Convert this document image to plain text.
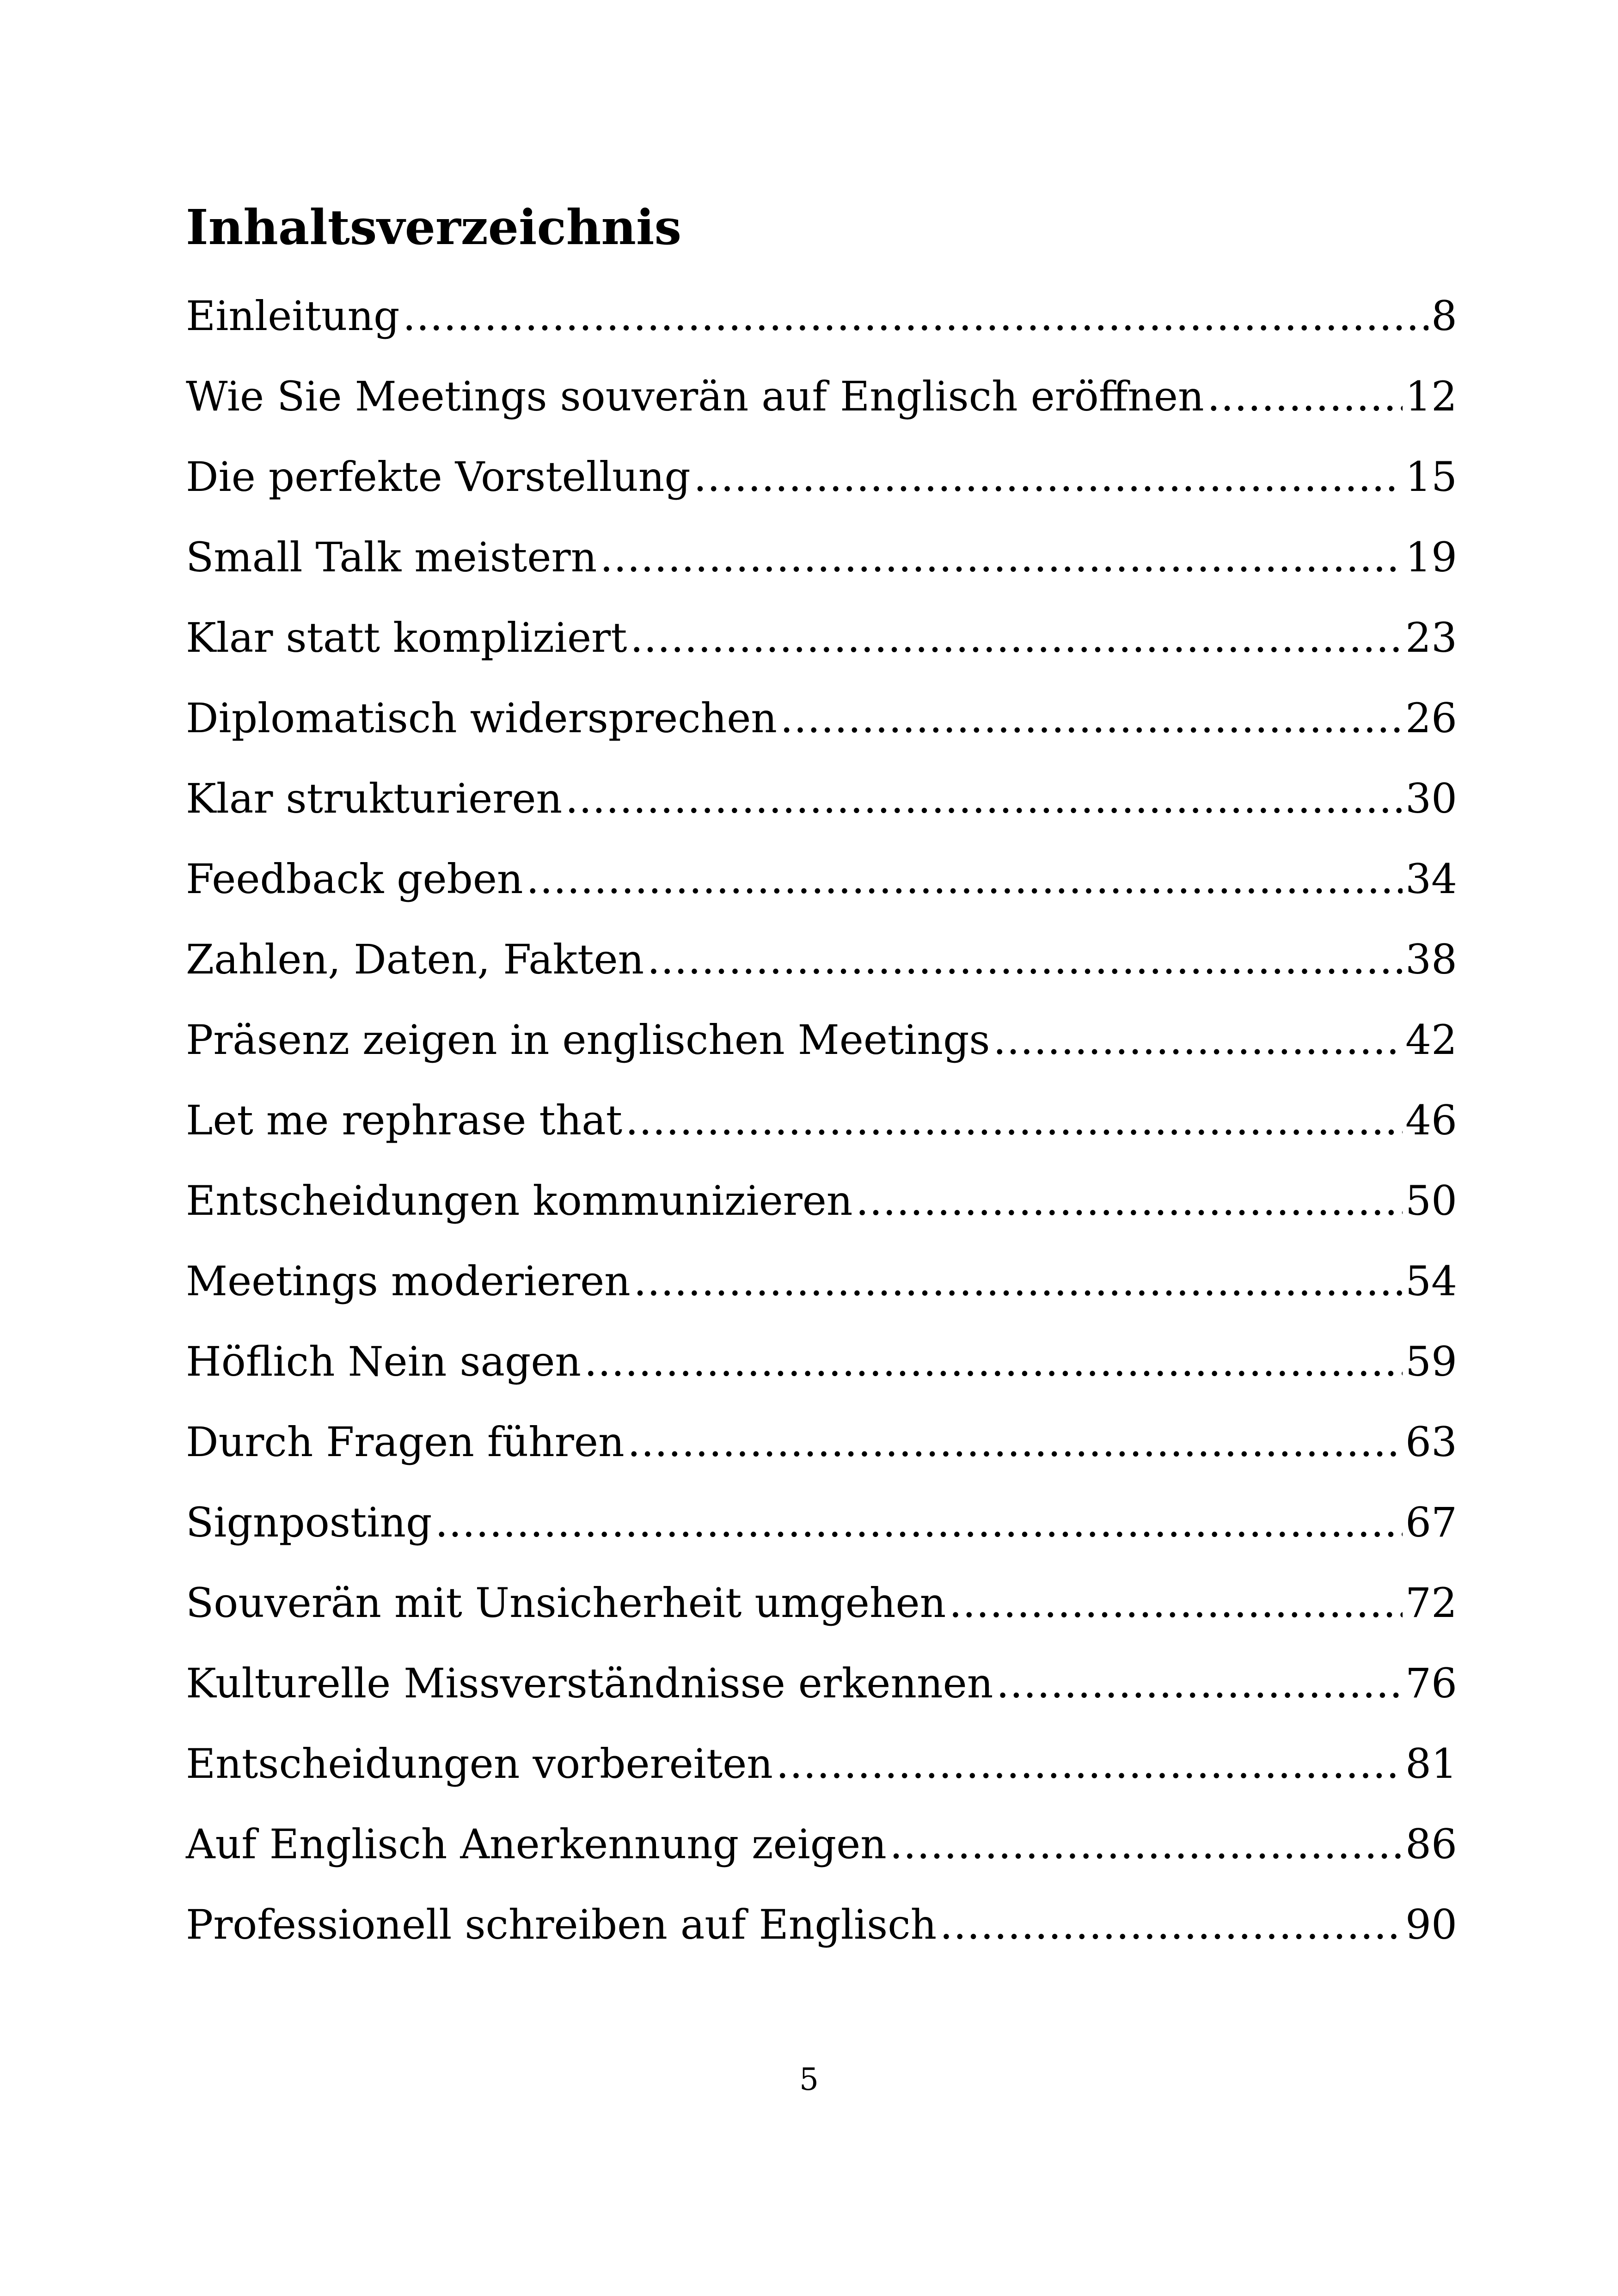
Inhaltsverzeichnis
Einleitung …………………………………………………………………………………………………………………………………	8
Wie Sie Meetings souverän auf Englisch eröffnen …………………………………………………………………………………………………………………………………	12
Die perfekte Vorstellung …………………………………………………………………………………………………………………………………	15
Small Talk meistern …………………………………………………………………………………………………………………………………	19
Klar statt kompliziert …………………………………………………………………………………………………………………………………	23
Diplomatisch widersprechen …………………………………………………………………………………………………………………………………	26
Klar strukturieren …………………………………………………………………………………………………………………………………	30
Feedback geben …………………………………………………………………………………………………………………………………	34
Zahlen, Daten, Fakten …………………………………………………………………………………………………………………………………	38
Präsenz zeigen in englischen Meetings …………………………………………………………………………………………………………………………………	42
Let me rephrase that …………………………………………………………………………………………………………………………………	46
Entscheidungen kommunizieren …………………………………………………………………………………………………………………………………	50
Meetings moderieren …………………………………………………………………………………………………………………………………	54
Höflich Nein sagen …………………………………………………………………………………………………………………………………	59
Durch Fragen führen …………………………………………………………………………………………………………………………………	63
Signposting …………………………………………………………………………………………………………………………………	67
Souverän mit Unsicherheit umgehen …………………………………………………………………………………………………………………………………	72
Kulturelle Missverständnisse erkennen …………………………………………………………………………………………………………………………………	76
Entscheidungen vorbereiten …………………………………………………………………………………………………………………………………	81
Auf Englisch Anerkennung zeigen …………………………………………………………………………………………………………………………………	86
Professionell schreiben auf Englisch …………………………………………………………………………………………………………………………………	90
5
